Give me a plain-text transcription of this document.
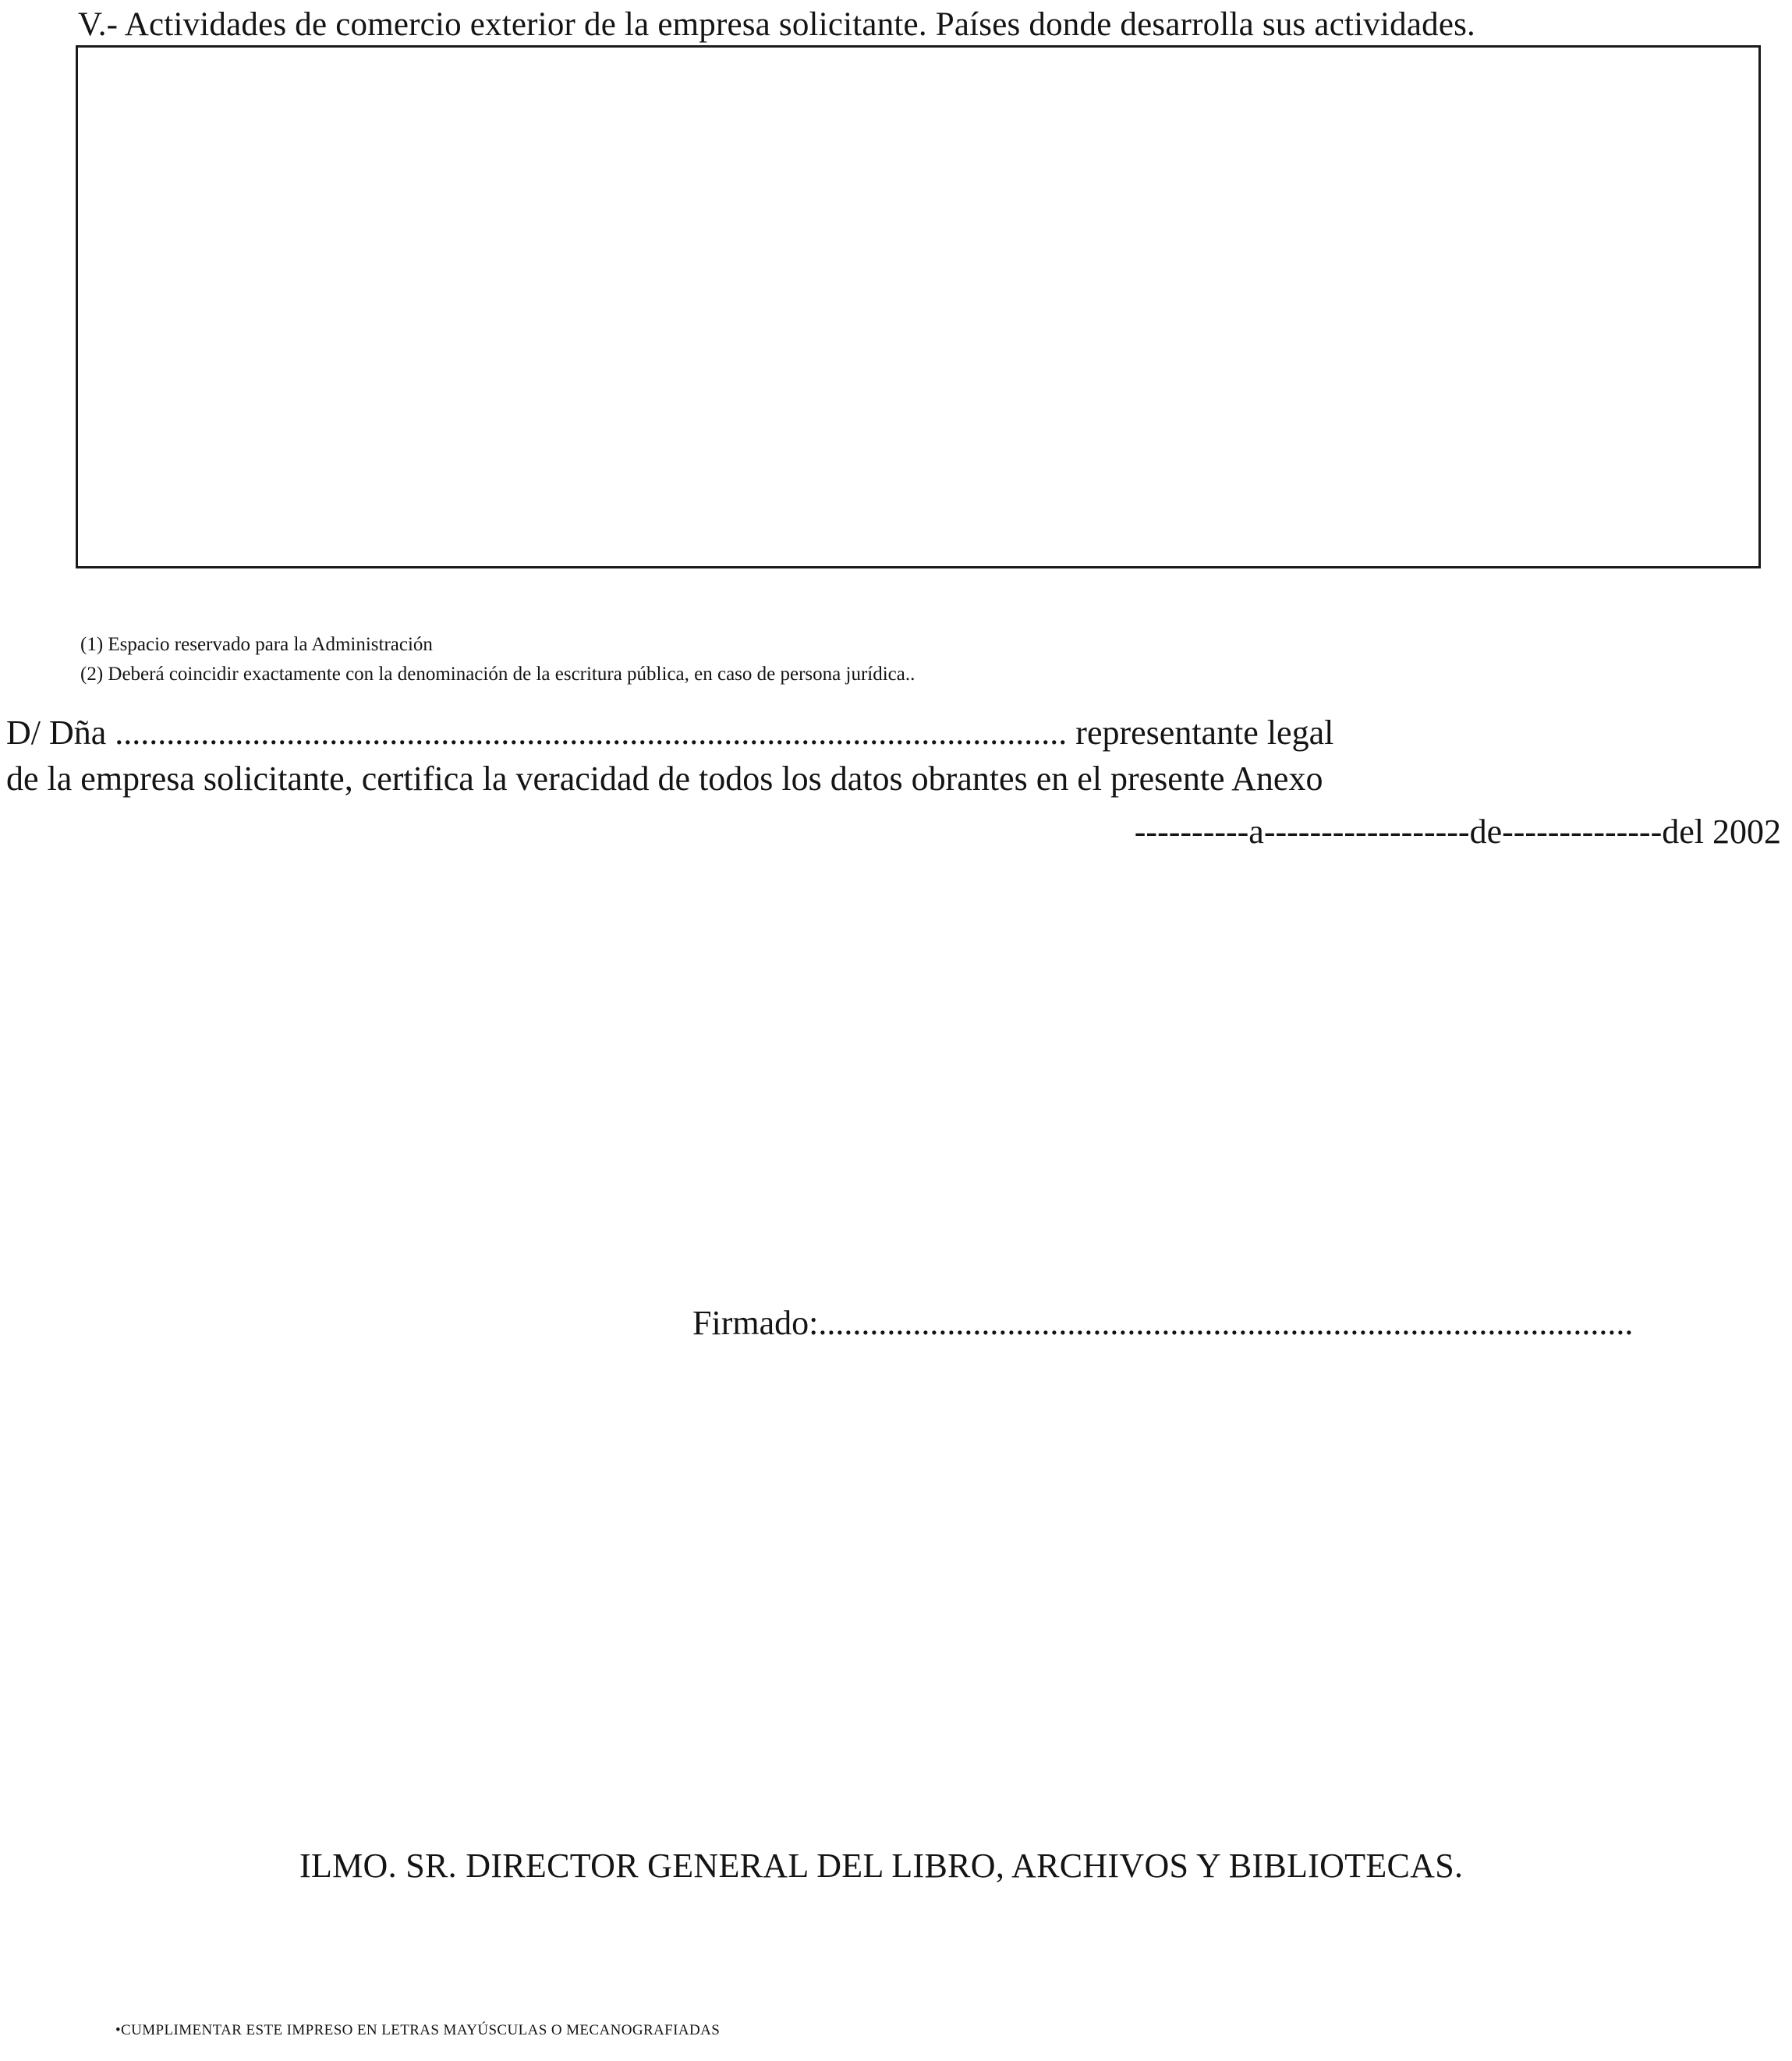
V.- Actividades de comercio exterior de la empresa solicitante. Países donde desarrolla sus actividades.
(1) Espacio reservado para la Administración
(2) Deberá coincidir exactamente con la denominación de la escritura pública, en caso de persona jurídica..
D/ Dña ............................................................................................................... representante legal
de la empresa solicitante, certifica la veracidad de todos los datos obrantes en el presente Anexo
----------a------------------de--------------del 2002
Firmado:...............................................................................................
ILMO. SR. DIRECTOR GENERAL DEL LIBRO, ARCHIVOS Y BIBLIOTECAS.
•CUMPLIMENTAR ESTE IMPRESO EN LETRAS MAYÚSCULAS O MECANOGRAFIADAS
